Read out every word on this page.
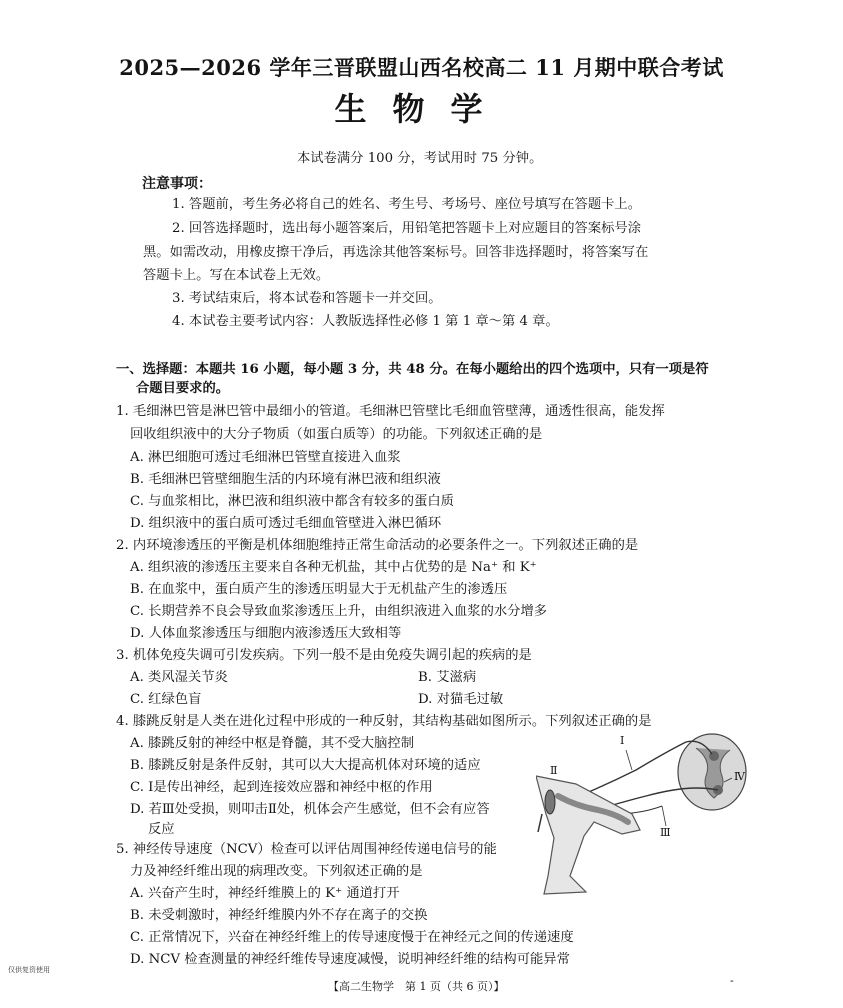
2025—2026 学年三晋联盟山西名校高二 11 月期中联合考试
生物学
本试卷满分 100 分，考试用时 75 分钟。
注意事项：
1. 答题前，考生务必将自己的姓名、考生号、考场号、座位号填写在答题卡上。
2. 回答选择题时，选出每小题答案后，用铅笔把答题卡上对应题目的答案标号涂
黑。如需改动，用橡皮擦干净后，再选涂其他答案标号。回答非选择题时，将答案写在
答题卡上。写在本试卷上无效。
3. 考试结束后，将本试卷和答题卡一并交回。
4. 本试卷主要考试内容：人教版选择性必修 1 第 1 章～第 4 章。
一、选择题：本题共 16 小题，每小题 3 分，共 48 分。在每小题给出的四个选项中，只有一项是符
合题目要求的。
1. 毛细淋巴管是淋巴管中最细小的管道。毛细淋巴管壁比毛细血管壁薄，通透性很高，能发挥
回收组织液中的大分子物质（如蛋白质等）的功能。下列叙述正确的是
A. 淋巴细胞可透过毛细淋巴管壁直接进入血浆
B. 毛细淋巴管壁细胞生活的内环境有淋巴液和组织液
C. 与血浆相比，淋巴液和组织液中都含有较多的蛋白质
D. 组织液中的蛋白质可透过毛细血管壁进入淋巴循环
2. 内环境渗透压的平衡是机体细胞维持正常生命活动的必要条件之一。下列叙述正确的是
A. 组织液的渗透压主要来自各种无机盐，其中占优势的是 Na⁺ 和 K⁺
B. 在血浆中，蛋白质产生的渗透压明显大于无机盐产生的渗透压
C. 长期营养不良会导致血浆渗透压上升，由组织液进入血浆的水分增多
D. 人体血浆渗透压与细胞内液渗透压大致相等
3. 机体免疫失调可引发疾病。下列一般不是由免疫失调引起的疾病的是
A. 类风湿关节炎	B. 艾滋病
C. 红绿色盲	D. 对猫毛过敏
4. 膝跳反射是人类在进化过程中形成的一种反射，其结构基础如图所示。下列叙述正确的是
A. 膝跳反射的神经中枢是脊髓，其不受大脑控制
B. 膝跳反射是条件反射，其可以大大提高机体对环境的适应
C. Ⅰ是传出神经，起到连接效应器和神经中枢的作用
D. 若Ⅲ处受损，则叩击Ⅱ处，机体会产生感觉，但不会有应答
反应
Ⅰ
Ⅱ
Ⅲ
Ⅳ
5. 神经传导速度（NCV）检查可以评估周围神经传递电信号的能
力及神经纤维出现的病理改变。下列叙述正确的是
A. 兴奋产生时，神经纤维膜上的 K⁺ 通道打开
B. 未受刺激时，神经纤维膜内外不存在离子的交换
C. 正常情况下，兴奋在神经纤维上的传导速度慢于在神经元之间的传递速度
D. NCV 检查测量的神经纤维传导速度减慢，说明神经纤维的结构可能异常
仅供复资使用
【高二生物学　第 1 页（共 6 页）】	-
